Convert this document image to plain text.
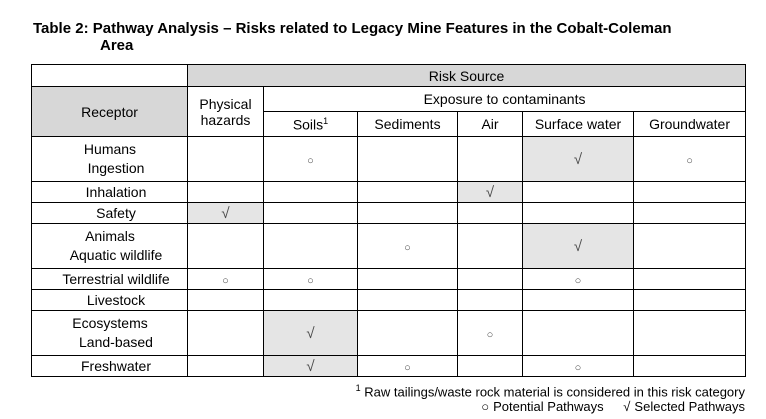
Table 2: Pathway Analysis – Risks related to Legacy Mine Features in the Cobalt-Coleman
Area
	Risk Source					
Receptor	Physical hazards	Exposure to contaminants				
		Soils$^1$	Sediments	Air	Surface water	Groundwater

Humans
Ingestion		○			√	○

Inhalation				√		

Safety	√					

Animals
Aquatic wildlife			○		√	

Terrestrial wildlife	○	○			○	

Livestock						

Ecosystems
Land-based		√		○		

Freshwater		√	○		○	
$^1$ Raw tailings/waste rock material is considered in this risk category
○ Potential Pathways √ Selected Pathways
